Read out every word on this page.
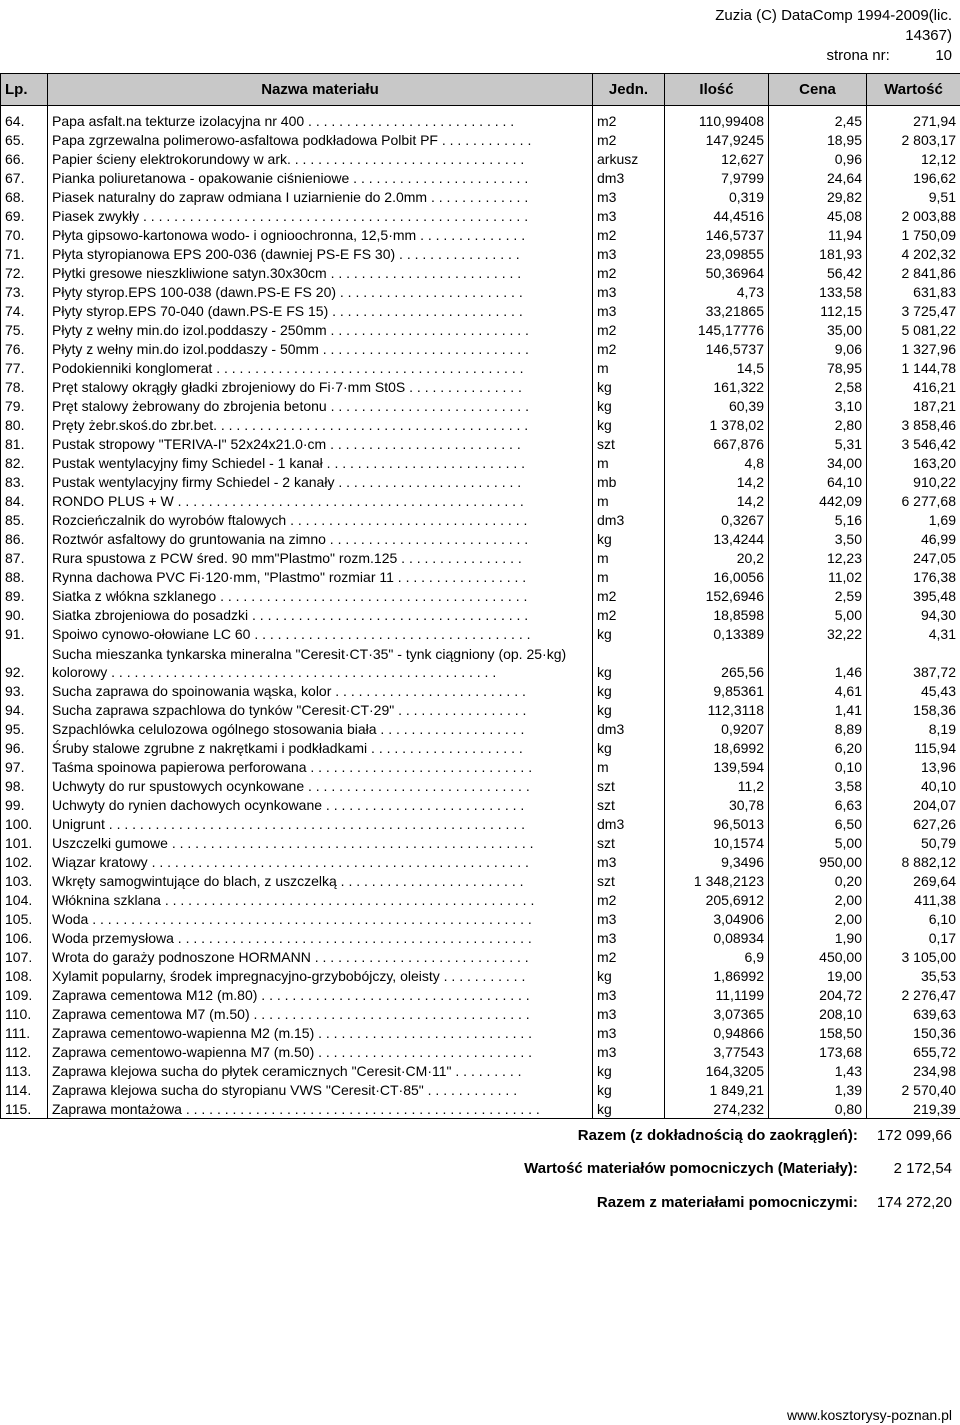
Zuzia (C) DataComp 1994-2009(lic.
14367)
strona nr:	10
Lp.	Nazwa materiału	Jedn.	Ilość	Cena	Wartość
64.	Papa asfalt.na tekturze izolacyjna nr 400 . . . . . . . . . . . . . . . . . . . . . . . . . . .	m2	110,99408	2,45	271,94
65.	Papa zgrzewalna polimerowo-asfaltowa podkładowa Polbit PF . . . . . . . . . . . .	m2	147,9245	18,95	2 803,17
66.	Papier ścieny elektrokorundowy w ark. . . . . . . . . . . . . . . . . . . . . . . . . . . . . . .	arkusz	12,627	0,96	12,12
67.	Pianka poliuretanowa - opakowanie ciśnieniowe . . . . . . . . . . . . . . . . . . . . . . .	dm3	7,9799	24,64	196,62
68.	Piasek naturalny do zapraw odmiana I uziarnienie do 2.0mm . . . . . . . . . . . . .	m3	0,319	29,82	9,51
69.	Piasek zwykły . . . . . . . . . . . . . . . . . . . . . . . . . . . . . . . . . . . . . . . . . . . . . . . . . .	m3	44,4516	45,08	2 003,88
70.	Płyta gipsowo-kartonowa wodo- i ognioochronna, 12,5·mm . . . . . . . . . . . . . .	m2	146,5737	11,94	1 750,09
71.	Płyta styropianowa EPS 200-036 (dawniej PS-E FS 30) . . . . . . . . . . . . . . . .	m3	23,09855	181,93	4 202,32
72.	Płytki gresowe nieszkliwione satyn.30x30cm . . . . . . . . . . . . . . . . . . . . . . . . .	m2	50,36964	56,42	2 841,86
73.	Płyty styrop.EPS 100-038 (dawn.PS-E FS 20) . . . . . . . . . . . . . . . . . . . . . . . .	m3	4,73	133,58	631,83
74.	Płyty styrop.EPS 70-040 (dawn.PS-E FS 15) . . . . . . . . . . . . . . . . . . . . . . . . .	m3	33,21865	112,15	3 725,47
75.	Płyty z wełny min.do izol.poddaszy - 250mm . . . . . . . . . . . . . . . . . . . . . . . . . .	m2	145,17776	35,00	5 081,22
76.	Płyty z wełny min.do izol.poddaszy - 50mm . . . . . . . . . . . . . . . . . . . . . . . . . . .	m2	146,5737	9,06	1 327,96
77.	Podokienniki konglomerat . . . . . . . . . . . . . . . . . . . . . . . . . . . . . . . . . . . . . . . .	m	14,5	78,95	1 144,78
78.	Pręt stalowy okrągły gładki zbrojeniowy do Fi·7·mm St0S . . . . . . . . . . . . . . .	kg	161,322	2,58	416,21
79.	Pręt stalowy żebrowany do zbrojenia betonu . . . . . . . . . . . . . . . . . . . . . . . . . .	kg	60,39	3,10	187,21
80.	Pręty żebr.skoś.do zbr.bet. . . . . . . . . . . . . . . . . . . . . . . . . . . . . . . . . . . . . . . . .	kg	1 378,02	2,80	3 858,46
81.	Pustak stropowy "TERIVA-I" 52x24x21.0·cm . . . . . . . . . . . . . . . . . . . . . . . . .	szt	667,876	5,31	3 546,42
82.	Pustak wentylacyjny fimy Schiedel - 1 kanał . . . . . . . . . . . . . . . . . . . . . . . . . .	m	4,8	34,00	163,20
83.	Pustak wentylacyjny firmy Schiedel - 2 kanały . . . . . . . . . . . . . . . . . . . . . . . .	mb	14,2	64,10	910,22
84.	RONDO PLUS + W . . . . . . . . . . . . . . . . . . . . . . . . . . . . . . . . . . . . . . . . . . . . .	m	14,2	442,09	6 277,68
85.	Rozcieńczalnik do wyrobów ftalowych . . . . . . . . . . . . . . . . . . . . . . . . . . . . . . .	dm3	0,3267	5,16	1,69
86.	Roztwór asfaltowy do gruntowania na zimno . . . . . . . . . . . . . . . . . . . . . . . . . .	kg	13,4244	3,50	46,99
87.	Rura spustowa z PCW śred. 90 mm"Plastmo" rozm.125 . . . . . . . . . . . . . . . .	m	20,2	12,23	247,05
88.	Rynna dachowa PVC Fi·120·mm, "Plastmo" rozmiar 11 . . . . . . . . . . . . . . . . .	m	16,0056	11,02	176,38
89.	Siatka z włókna szklanego . . . . . . . . . . . . . . . . . . . . . . . . . . . . . . . . . . . . . . . .	m2	152,6946	2,59	395,48
90.	Siatka zbrojeniowa do posadzki . . . . . . . . . . . . . . . . . . . . . . . . . . . . . . . . . . . .	m2	18,8598	5,00	94,30
91.	Spoiwo cynowo-ołowiane LC 60 . . . . . . . . . . . . . . . . . . . . . . . . . . . . . . . . . . . .	kg	0,13389	32,22	4,31
92.	Sucha mieszanka tynkarska mineralna "Ceresit·CT·35" - tynk ciągniony (op. 25·kg) kolorowy . . . . . . . . . . . . . . . . . . . . . . . . . . . . . . . . . . . . . . . . . . . . . . . . . .	kg	265,56	1,46	387,72
93.	Sucha zaprawa do spoinowania wąska, kolor . . . . . . . . . . . . . . . . . . . . . . . . .	kg	9,85361	4,61	45,43
94.	Sucha zaprawa szpachlowa do tynków "Ceresit·CT·29" . . . . . . . . . . . . . . . . .	kg	112,3118	1,41	158,36
95.	Szpachlówka celulozowa ogólnego stosowania biała . . . . . . . . . . . . . . . . . . .	dm3	0,9207	8,89	8,19
96.	Śruby stalowe zgrubne z nakrętkami i podkładkami . . . . . . . . . . . . . . . . . . . .	kg	18,6992	6,20	115,94
97.	Taśma spoinowa papierowa perforowana . . . . . . . . . . . . . . . . . . . . . . . . . . . . .	m	139,594	0,10	13,96
98.	Uchwyty do rur spustowych ocynkowane . . . . . . . . . . . . . . . . . . . . . . . . . . . . .	szt	11,2	3,58	40,10
99.	Uchwyty do rynien dachowych ocynkowane . . . . . . . . . . . . . . . . . . . . . . . . . .	szt	30,78	6,63	204,07
100.	Unigrunt . . . . . . . . . . . . . . . . . . . . . . . . . . . . . . . . . . . . . . . . . . . . . . . . . . . . . .	dm3	96,5013	6,50	627,26
101.	Uszczelki gumowe . . . . . . . . . . . . . . . . . . . . . . . . . . . . . . . . . . . . . . . . . . . . . . .	szt	10,1574	5,00	50,79
102.	Wiązar kratowy . . . . . . . . . . . . . . . . . . . . . . . . . . . . . . . . . . . . . . . . . . . . . . . . .	m3	9,3496	950,00	8 882,12
103.	Wkręty samogwintujące do blach, z uszczelką . . . . . . . . . . . . . . . . . . . . . . . .	szt	1 348,2123	0,20	269,64
104.	Włóknina szklana . . . . . . . . . . . . . . . . . . . . . . . . . . . . . . . . . . . . . . . . . . . . . . . .	m2	205,6912	2,00	411,38
105.	Woda . . . . . . . . . . . . . . . . . . . . . . . . . . . . . . . . . . . . . . . . . . . . . . . . . . . . . . . . .	m3	3,04906	2,00	6,10
106.	Woda przemysłowa . . . . . . . . . . . . . . . . . . . . . . . . . . . . . . . . . . . . . . . . . . . . . .	m3	0,08934	1,90	0,17
107.	Wrota do garaży podnoszone HORMANN . . . . . . . . . . . . . . . . . . . . . . . . . . . .	m2	6,9	450,00	3 105,00
108.	Xylamit popularny, środek impregnacyjno-grzybobójczy, oleisty . . . . . . . . . . .	kg	1,86992	19,00	35,53
109.	Zaprawa cementowa M12 (m.80) . . . . . . . . . . . . . . . . . . . . . . . . . . . . . . . . . . .	m3	11,1199	204,72	2 276,47
110.	Zaprawa cementowa M7 (m.50) . . . . . . . . . . . . . . . . . . . . . . . . . . . . . . . . . . . .	m3	3,07365	208,10	639,63
111.	Zaprawa cementowo-wapienna M2 (m.15) . . . . . . . . . . . . . . . . . . . . . . . . . . . .	m3	0,94866	158,50	150,36
112.	Zaprawa cementowo-wapienna M7 (m.50) . . . . . . . . . . . . . . . . . . . . . . . . . . . .	m3	3,77543	173,68	655,72
113.	Zaprawa klejowa sucha do płytek ceramicznych "Ceresit·CM·11" . . . . . . . . .	kg	164,3205	1,43	234,98
114.	Zaprawa klejowa sucha do styropianu VWS "Ceresit·CT·85" . . . . . . . . . . . .	kg	1 849,21	1,39	2 570,40
115.	Zaprawa montażowa . . . . . . . . . . . . . . . . . . . . . . . . . . . . . . . . . . . . . . . . . . . . . .	kg	274,232	0,80	219,39
Razem (z dokładnością do zaokrągleń): 172 099,66
Wartość materiałów pomocniczych (Materiały): 2 172,54
Razem z materiałami pomocniczymi: 174 272,20
www.kosztorysy-poznan.pl
